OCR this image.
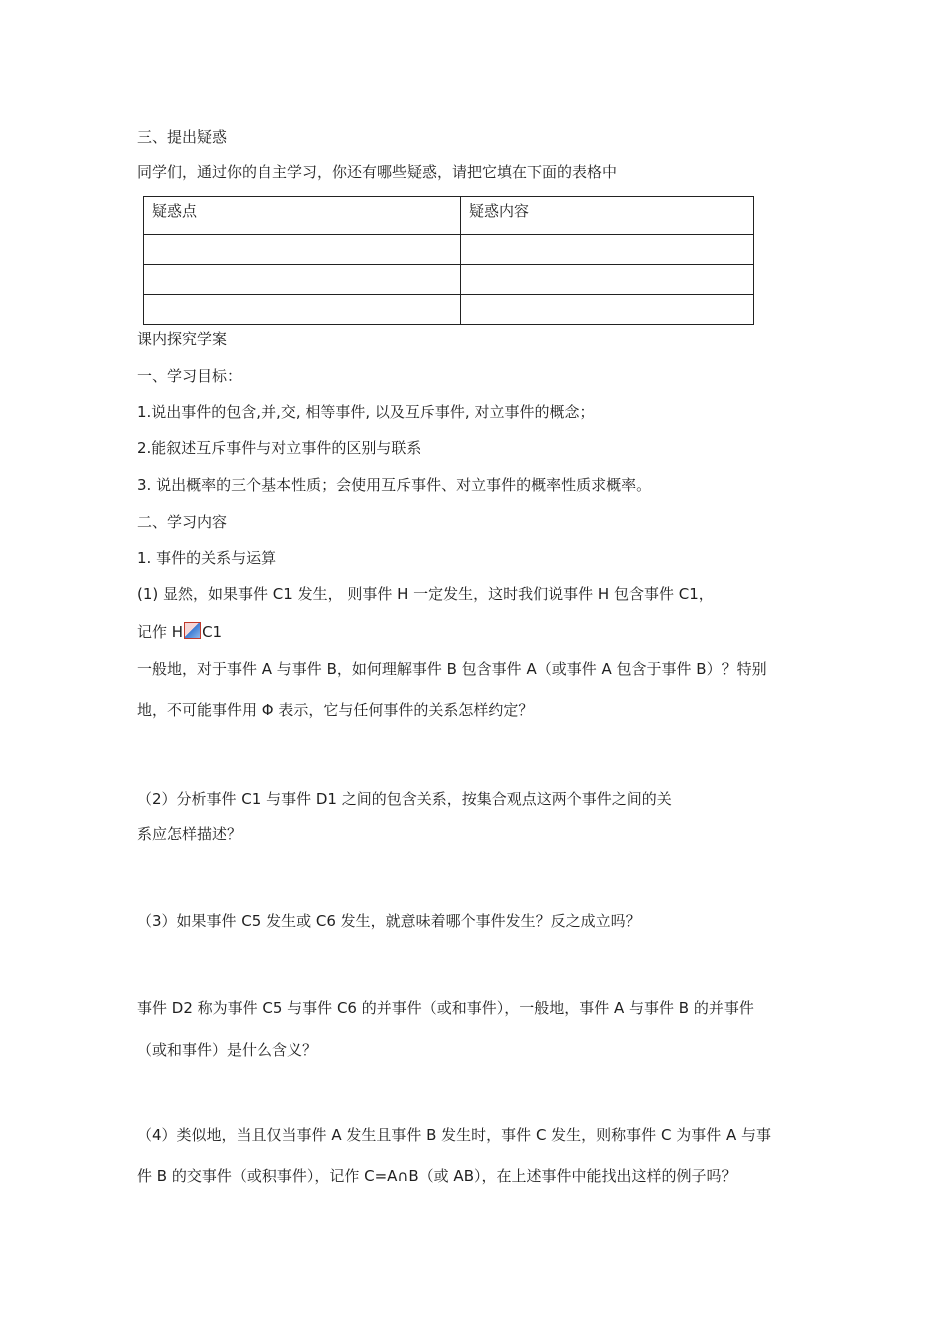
三、提出疑惑
同学们，通过你的自主学习，你还有哪些疑惑，请把它填在下面的表格中
疑惑点	疑惑内容

课内探究学案
一、学习目标：
1.说出事件的包含,并,交, 相等事件, 以及互斥事件, 对立事件的概念；
2.能叙述互斥事件与对立事件的区别与联系
3. 说出概率的三个基本性质；会使用互斥事件、对立事件的概率性质求概率。
二、学习内容
1. 事件的关系与运算
(1) 显然，如果事件 C1 发生， 则事件 H 一定发生，这时我们说事件 H 包含事件 C1，
记作 H C1
一般地，对于事件 A 与事件 B，如何理解事件 B 包含事件 A（或事件 A 包含于事件 B）？特别
地，不可能事件用 Φ 表示，它与任何事件的关系怎样约定？
（2）分析事件 C1 与事件 D1 之间的包含关系，按集合观点这两个事件之间的关
系应怎样描述？
（3）如果事件 C5 发生或 C6 发生，就意味着哪个事件发生？反之成立吗？
事件 D2 称为事件 C5 与事件 C6 的并事件（或和事件），一般地，事件 A 与事件 B 的并事件
（或和事件）是什么含义？
（4）类似地，当且仅当事件 A 发生且事件 B 发生时，事件 C 发生，则称事件 C 为事件 A 与事
件 B 的交事件（或积事件），记作 C=A∩B（或 AB），在上述事件中能找出这样的例子吗？
